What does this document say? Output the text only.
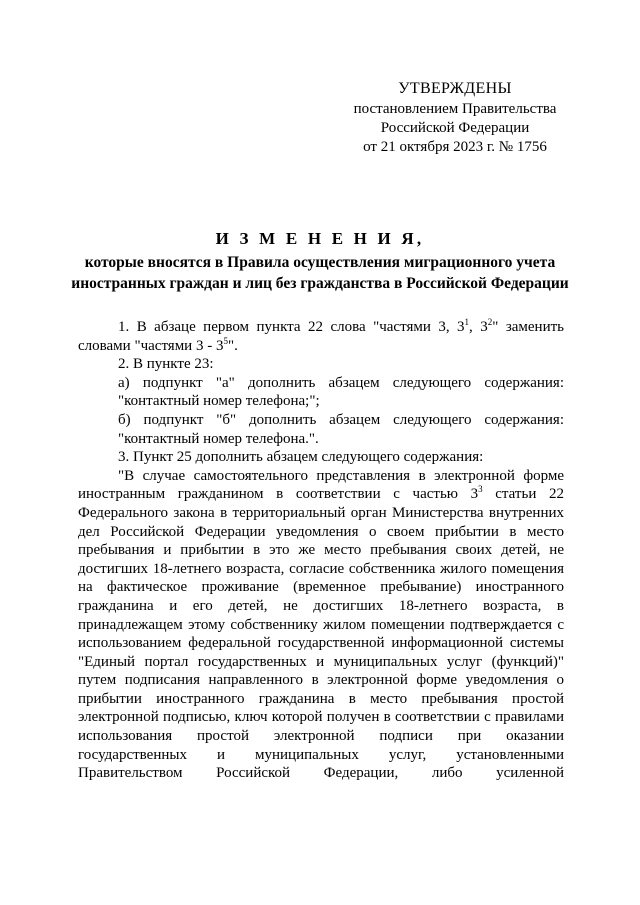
УТВЕРЖДЕНЫ
постановлением Правительства
Российской Федерации
от 21 октября 2023 г. № 1756
И З М Е Н Е Н И Я,
которые вносятся в Правила осуществления миграционного учета
иностранных граждан и лиц без гражданства в Российской Федерации

1. В абзаце первом пункта 22 слова "частями 3, $3^1$, $3^2$" заменить словами "частями $3 - 3^5$".

2. В пункте 23:

а) подпункт "а" дополнить абзацем следующего содержания: "контактный номер телефона;";

б) подпункт "б" дополнить абзацем следующего содержания: "контактный номер телефона.".

3. Пункт 25 дополнить абзацем следующего содержания:

"В случае самостоятельного представления в электронной форме иностранным гражданином в соответствии с частью $3^3$ статьи 22 Федерального закона в территориальный орган Министерства внутренних дел Российской Федерации уведомления о своем прибытии в место пребывания и прибытии в это же место пребывания своих детей, не достигших 18-летнего возраста, согласие собственника жилого помещения на фактическое проживание (временное пребывание) иностранного гражданина и его детей, не достигших 18-летнего возраста, в принадлежащем этому собственнику жилом помещении подтверждается с использованием федеральной государственной информационной системы "Единый портал государственных и муниципальных услуг (функций)" путем подписания направленного в электронной форме уведомления о прибытии иностранного гражданина в место пребывания простой электронной подписью, ключ которой получен в соответствии с правилами использования простой электронной подписи при оказании государственных и муниципальных услуг, установленными Правительством Российской Федерации, либо усиленной
